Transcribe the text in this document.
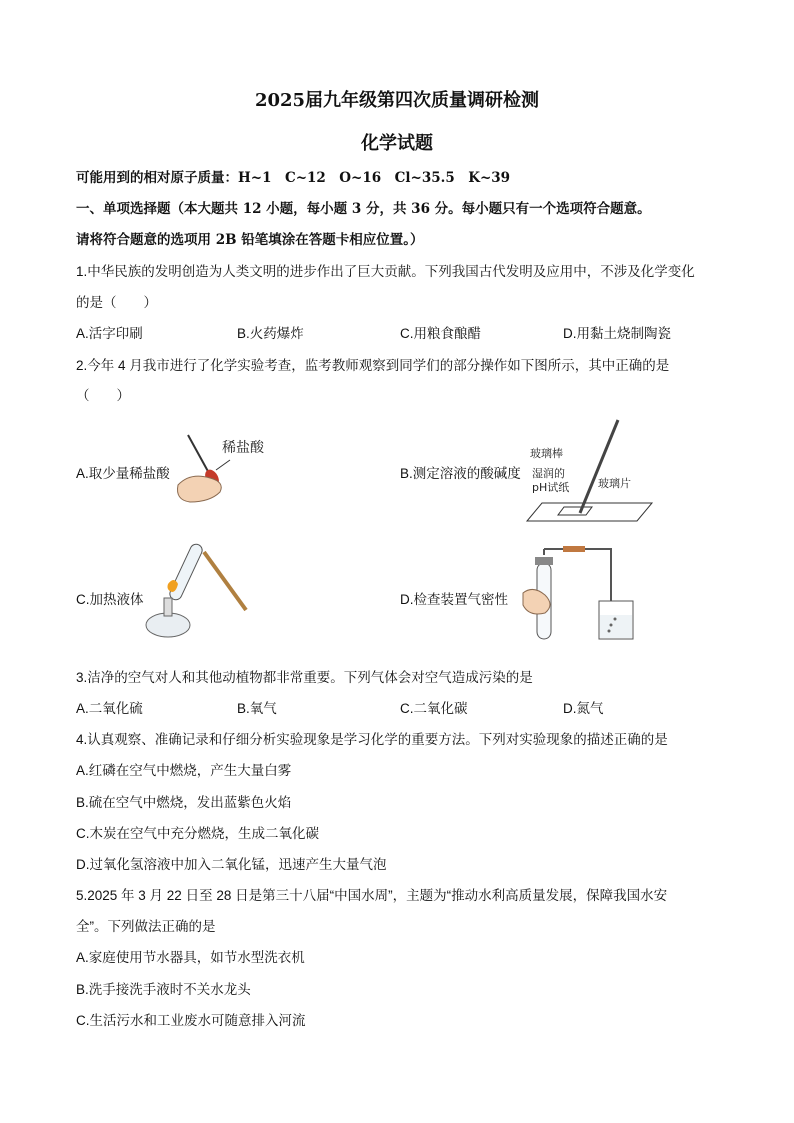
2025届九年级第四次质量调研检测
化学试题
可能用到的相对原子质量：H~1　C~12　O~16　Cl~35.5　K~39
一、单项选择题（本大题共 12 小题，每小题 3 分，共 36 分。每小题只有一个选项符合题意。
请将符合题意的选项用 2B 铅笔填涂在答题卡相应位置。）
1.中华民族的发明创造为人类文明的进步作出了巨大贡献。下列我国古代发明及应用中，不涉及化学变化
的是（　　）
A.活字印刷	B.火药爆炸	C.用粮食酿醋	D.用黏土烧制陶瓷
2.今年 4 月我市进行了化学实验考查，监考教师观察到同学们的部分操作如下图所示，其中正确的是
（　　）
A.取少量稀盐酸
稀盐酸
B.测定溶液的酸碱度
玻璃棒
湿润的
pH试纸	玻璃片
C.加热液体	D.检查装置气密性
3.洁净的空气对人和其他动植物都非常重要。下列气体会对空气造成污染的是
A.二氧化硫	B.氧气	C.二氧化碳	D.氮气
4.认真观察、准确记录和仔细分析实验现象是学习化学的重要方法。下列对实验现象的描述正确的是
A.红磷在空气中燃烧，产生大量白雾
B.硫在空气中燃烧，发出蓝紫色火焰
C.木炭在空气中充分燃烧，生成二氧化碳
D.过氧化氢溶液中加入二氧化锰，迅速产生大量气泡
5.2025 年 3 月 22 日至 28 日是第三十八届“中国水周”，主题为“推动水利高质量发展，保障我国水安
全”。下列做法正确的是
A.家庭使用节水器具，如节水型洗衣机
B.洗手接洗手液时不关水龙头
C.生活污水和工业废水可随意排入河流
